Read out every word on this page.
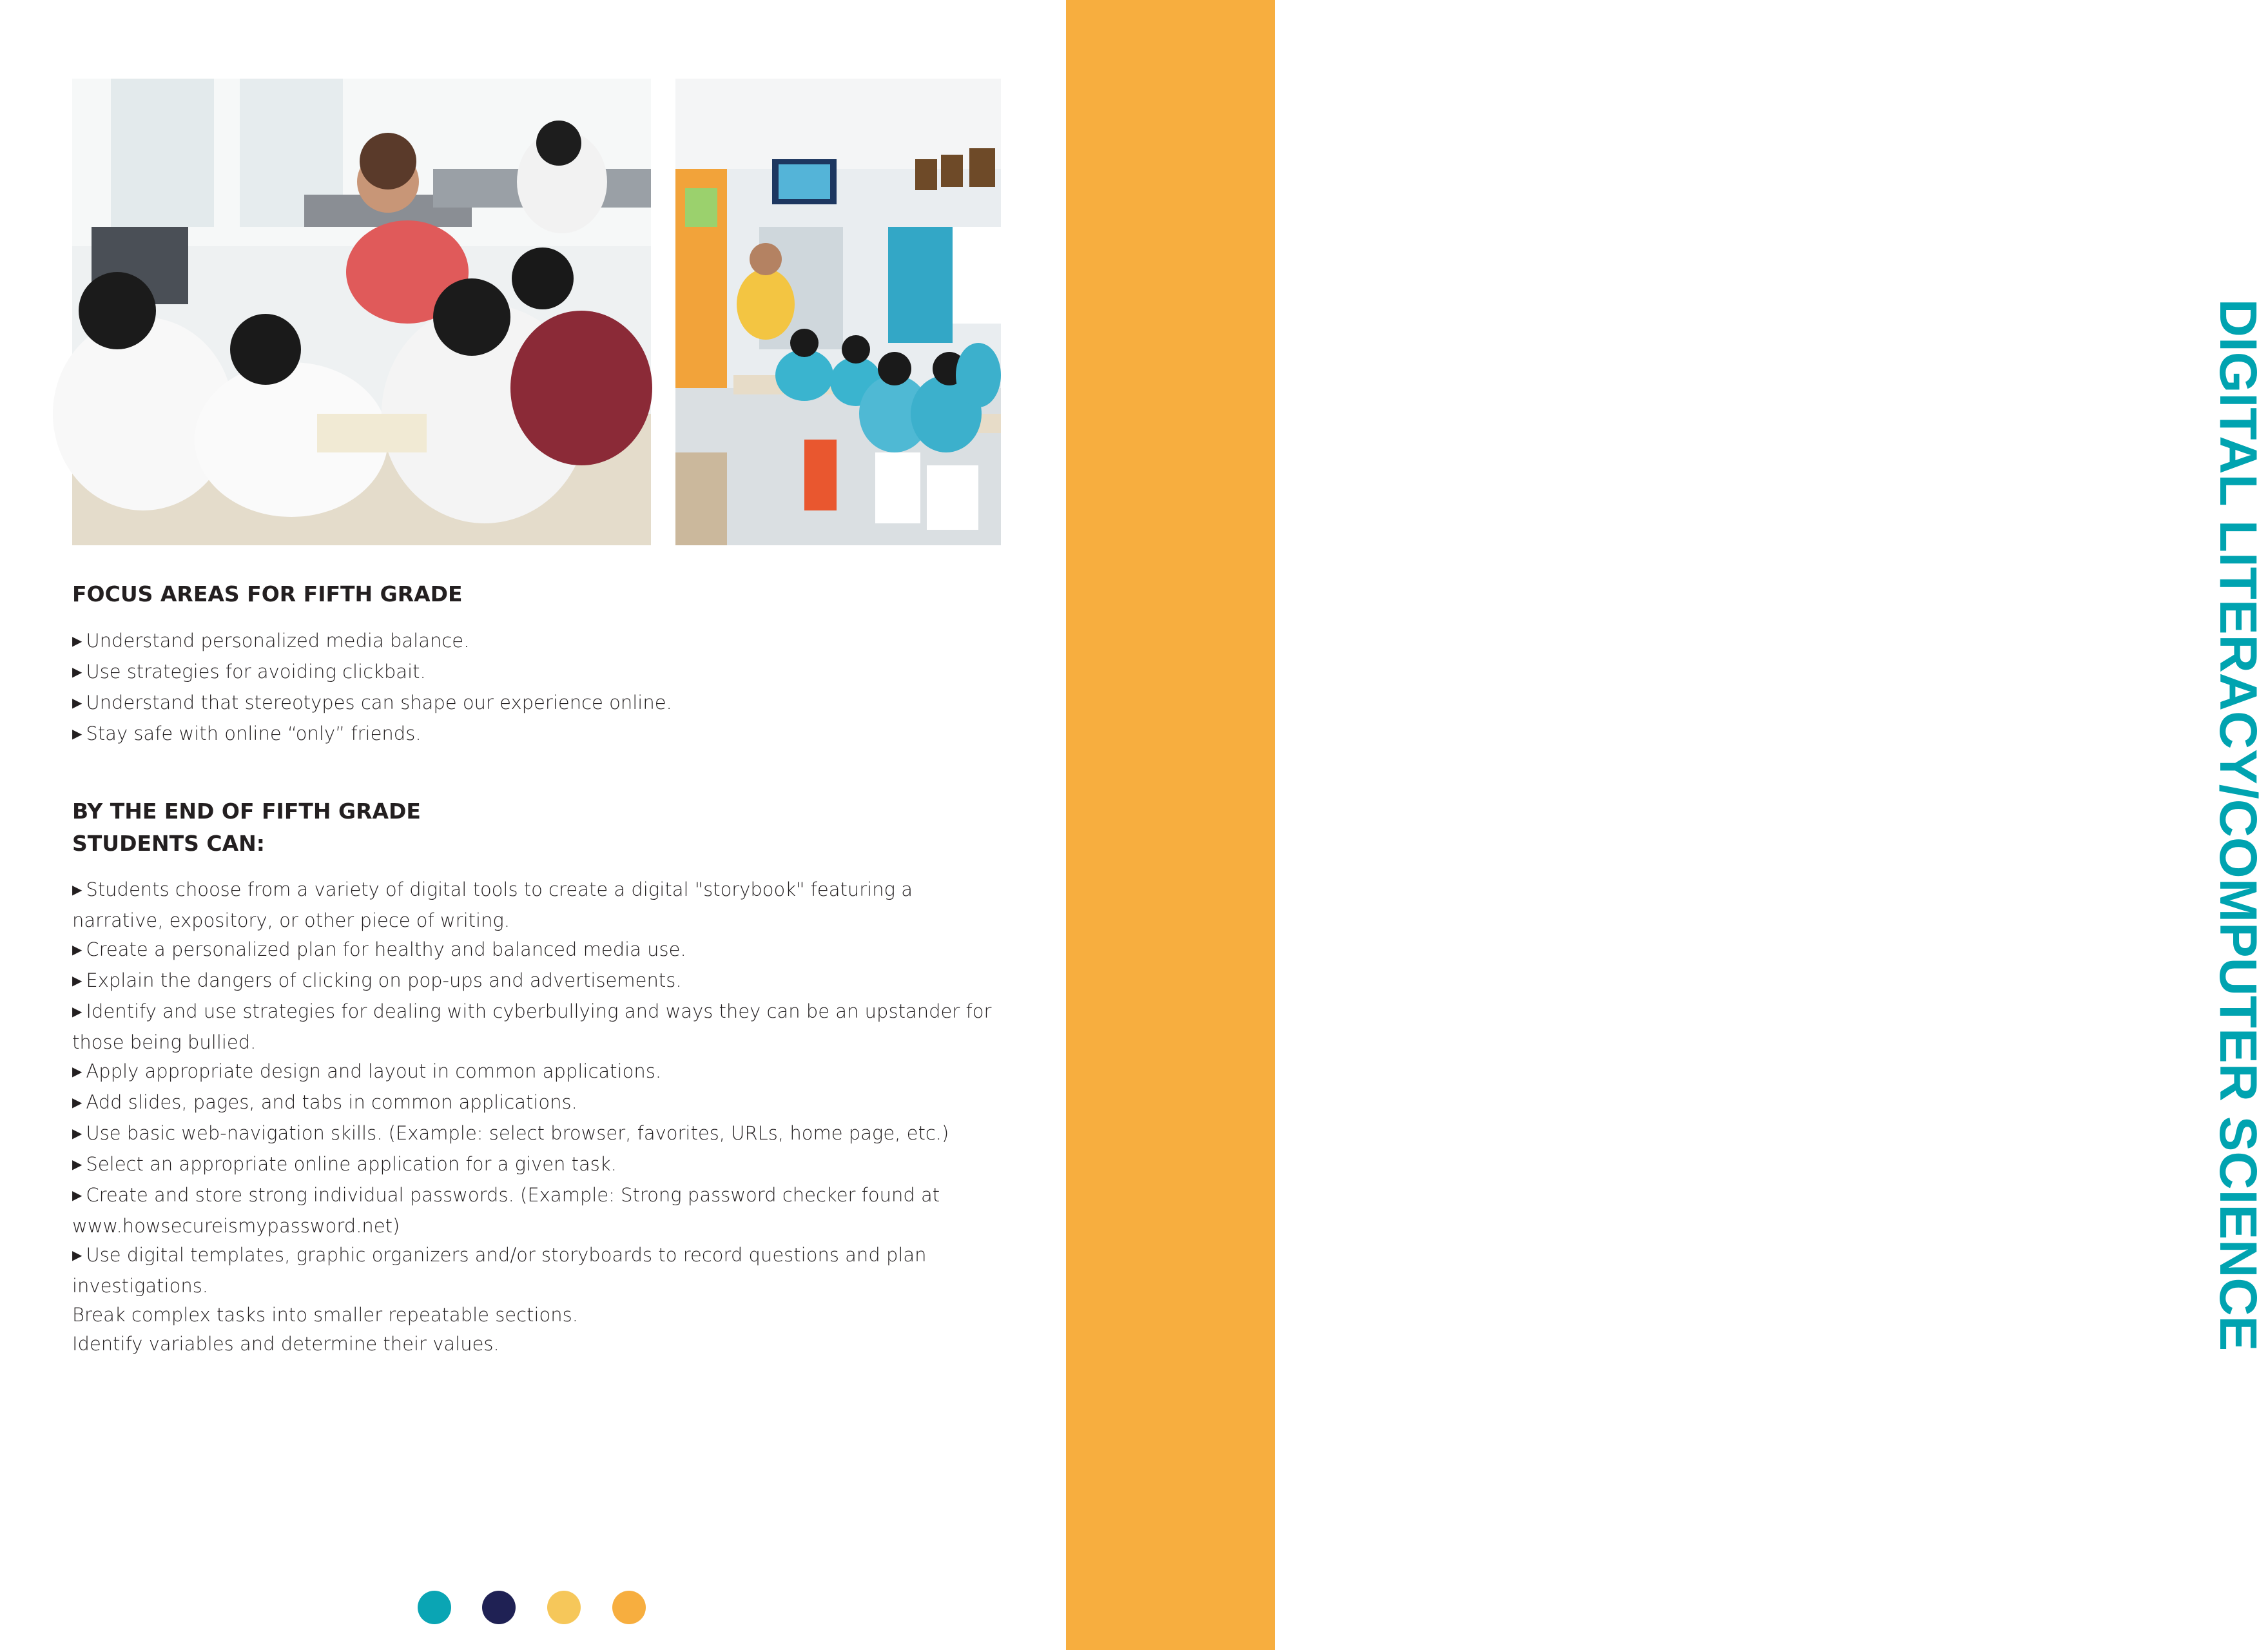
DIGITAL LITERACY/COMPUTER SCIENCE
FOCUS AREAS FOR FIFTH GRADE
▶ Understand personalized media balance.
▶ Use strategies for avoiding clickbait.
▶ Understand that stereotypes can shape our experience online.
▶ Stay safe with online “only” friends.
BY THE END OF FIFTH GRADE
STUDENTS CAN:
▶ Students choose from a variety of digital tools to create a digital "storybook" featuring a narrative, expository, or other piece of writing.
▶ Create a personalized plan for healthy and balanced media use.
▶ Explain the dangers of clicking on pop-ups and advertisements.
▶ Identify and use strategies for dealing with cyberbullying and ways they can be an upstander for those being bullied.
▶ Apply appropriate design and layout in common applications.
▶ Add slides, pages, and tabs in common applications.
▶ Use basic web-navigation skills. (Example: select browser, favorites, URLs, home page, etc.)
▶ Select an appropriate online application for a given task.
▶ Create and store strong individual passwords. (Example: Strong password checker found at www.howsecureismypassword.net)
▶ Use digital templates, graphic organizers and/or storyboards to record questions and plan investigations.
Break complex tasks into smaller repeatable sections.
Identify variables and determine their values.
